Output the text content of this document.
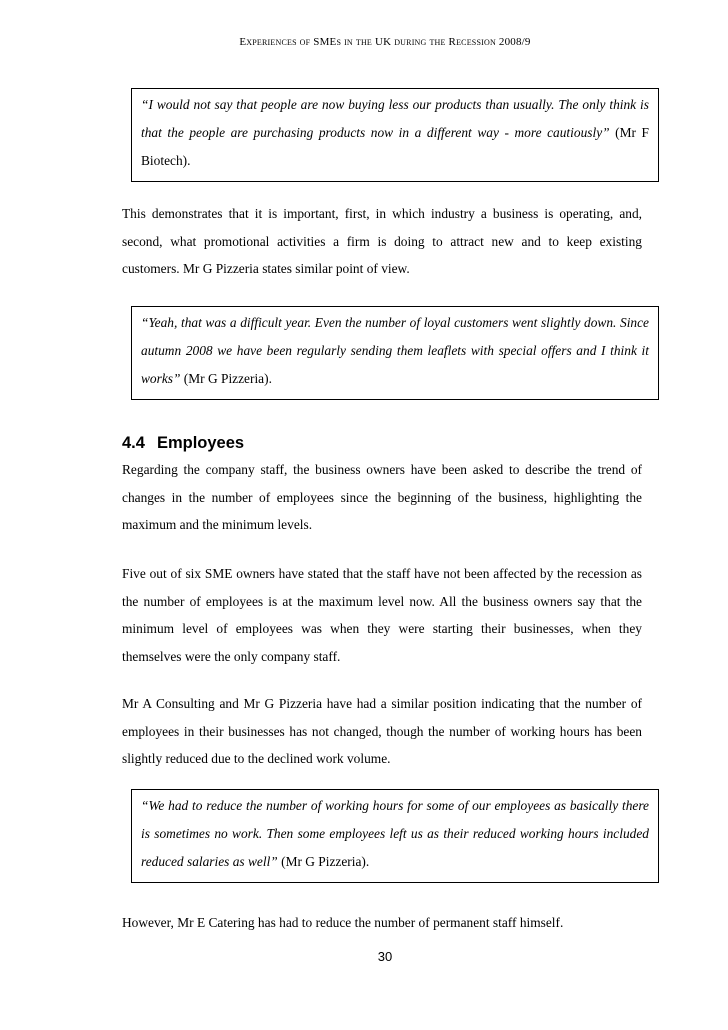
Experiences of SMEs in the UK during the Recession 2008/9
“I would not say that people are now buying less our products than usually. The only think is that the people are purchasing products now in a different way - more cautiously” (Mr F Biotech).

This demonstrates that it is important, first, in which industry a business is operating, and, second, what promotional activities a firm is doing to attract new and to keep existing customers. Mr G Pizzeria states similar point of view.

“Yeah, that was a difficult year. Even the number of loyal customers went slightly down. Since autumn 2008 we have been regularly sending them leaflets with special offers and I think it works” (Mr G Pizzeria).
4.4 Employees

Regarding the company staff, the business owners have been asked to describe the trend of changes in the number of employees since the beginning of the business, highlighting the maximum and the minimum levels.

Five out of six SME owners have stated that the staff have not been affected by the recession as the number of employees is at the maximum level now. All the business owners say that the minimum level of employees was when they were starting their businesses, when they themselves were the only company staff.

Mr A Consulting and Mr G Pizzeria have had a similar position indicating that the number of employees in their businesses has not changed, though the number of working hours has been slightly reduced due to the declined work volume.

“We had to reduce the number of working hours for some of our employees as basically there is sometimes no work. Then some employees left us as their reduced working hours included reduced salaries as well” (Mr G Pizzeria).

However, Mr E Catering has had to reduce the number of permanent staff himself.

30
